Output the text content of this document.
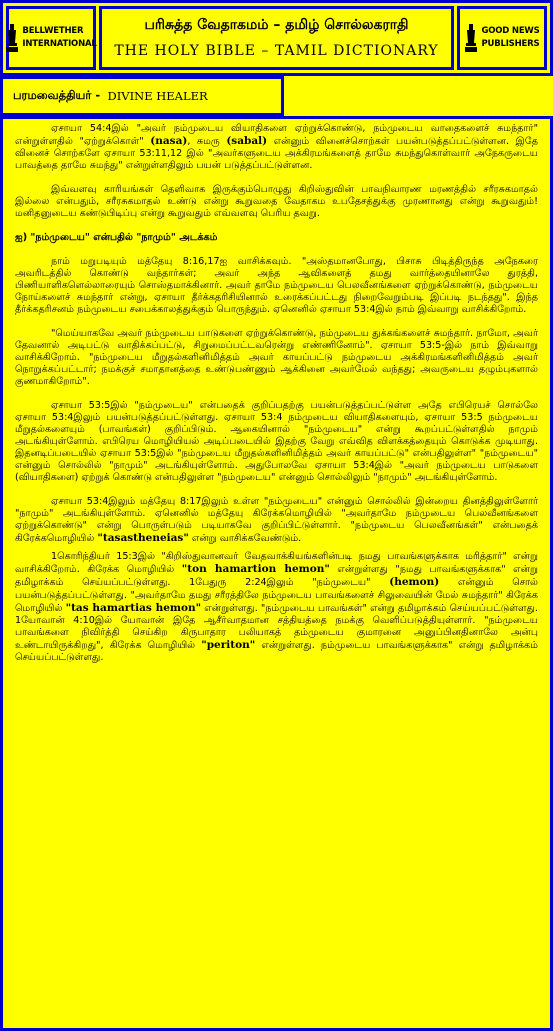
BELLWETHER
INTERNATIONAL
பரிசுத்த வேதாகமம் – தமிழ் சொல்லகராதி
THE HOLY BIBLE – TAMIL DICTIONARY
GOOD NEWS
PUBLISHERS
பரமவைத்தியர் -
DIVINE HEALER

ஏசாயா 54:4இல் "அவர் நம்முடைய வியாதிகளை ஏற்றுக்கொண்டு, நம்முடைய வாதைகளைச் சுமந்தார்" என்றுள்ளதில் "ஏற்றுக்கொள்" (nasa), சுமரு (sabal) என்னும் வினைச்சொற்கள் பயன்படுத்தப்பட்டுள்ளன. இதே வினைச் சொற்களே ஏசாயா 53:11,12 இல் "அவர்களுடைய அக்கிரமங்களைத் தாமே சுமந்துகொள்வார் அநேகருடைய பாவத்தை தாமே சுமந்து" என்றுள்ளதிலும் பயன் படுத்தப்பட்டுள்ளன.

இவ்வளவு காரியங்கள் தெளிவாக இருக்கும்பொழுது கிறிஸ்துவின் பாவநிவாரண மரணத்தில் சரீரசுகமாதல் இல்லை என்பதும், சரீரசுகமாதல் உண்டு என்று கூறுவதை வேதாகம உபதேசத்துக்கு முரணானது என்று கூறுவதும்! மனிதனுடைய கண்டுபிடிப்பு என்று கூறுவதும் எவ்வளவு பெரிய தவறு.

ஐ) "நம்முடைய" என்பதில் "நாமும்" அடக்கம்

நாம் மறுபடியும் மத்தேயு 8:16,17ஐ வாசிக்கவும். "அஸ்தமானபோது, பிசாசு பிடித்திருந்த அநேகரை அவரிடத்தில் கொண்டு வந்தார்கள்; அவர் அந்த ஆவிகளைத் தமது வார்த்தையினாலே துரத்தி, பிணியாளிகளெல்லாரையும் சொஸ்தமாக்கினார். அவர் தாமே நம்முடைய பெலவீனங்களை ஏற்றுக்கொண்டு, நம்முடைய நோய்களைச் சுமந்தார் என்று, ஏசாயா தீர்க்கதரிசியினால் உரைக்கப்பட்டது நிறைவேறும்படி இப்படி நடந்தது". இந்த தீர்க்கதரிசனம் நம்முடைய சபைக்காலத்துக்கும் பொருந்தும். ஏனெனில் ஏசாயா 53:4இல் நாம் இவ்வாறு வாசிக்கிறோம்.

"மெய்யாகவே அவர் நம்முடைய பாடுகளை ஏற்றுக்கொண்டு, நம்முடைய துக்கங்களைச் சுமந்தார். நாமோ, அவர் தேவனால் அடிபட்டு வாதிக்கப்பட்டு, சிறுமைப்பட்டவரென்று எண்ணினோம்". ஏசாயா 53:5-இல் நாம் இவ்வாறு வாசிக்கிறோம். "நம்முடைய மீறுதல்களினிமித்தம் அவர் காயப்பட்டு நம்முடைய அக்கிரமங்களினிமித்தம் அவர் நொறுக்கப்பட்டார்; நமக்குச் சமாதானத்தை உண்டுபண்ணும் ஆக்கினை அவர்மேல் வந்தது; அவருடைய தழும்புகளால் குணமாகிறோம்".

ஏசாயா 53:5இல் "நம்முடைய" என்பதைக் குறிப்பதற்கு பயன்படுத்தப்பட்டுள்ள அதே எபிரெயச் சொல்லே ஏசாயா 53:4இலும் பயன்படுத்தப்பட்டுள்ளது. ஏசாயா 53:4 நம்முடைய வியாதிகளையும், ஏசாயா 53:5 நம்முடைய மீறுதல்களையும் (பாவங்கள்) குறிப்பிடும். ஆகையினால் "நம்முடைய" என்று கூறப்பட்டுள்ளதில் நாமும் அடங்கியுள்ளோம். எபிரெய மொழியியல் அடிப்படையில் இதற்கு வேறு எவ்வித விளக்கத்தையும் கொடுக்க முடியாது. இதனடிப்படையில் ஏசாயா 53:5இல் "நம்முடைய மீறுதல்களினிமித்தம் அவர் காயப்பட்டு" என்பதிலுள்ள" "நம்முடைய" என்னும் சொல்லில் "நாமும்" அடங்கியுள்ளோம். அதுபோலவே ஏசாயா 53:4இல் "அவர் நம்முடைய பாடுகளை (வியாதிகளை) ஏற்றுக் கொண்டு என்பதிலுள்ள "நம்முடைய" என்னும் சொல்லிலும் "நாமும்" அடங்கியுள்ளோம்.

ஏசாயா 53:4இலும் மத்தேயு 8:17இலும் உள்ள "நம்முடைய" என்னும் சொல்லில் இன்றைய தினத்திலுள்ளோர் "நாமும்" அடங்கியுள்ளோம். ஏனெனில் மத்தேயு கிரேக்கமொழியில் "அவர்தாமே நம்முடைய பெலவீனங்களை ஏற்றுக்கொண்டு" என்று பொருள்படும் படியாகவே குறிப்பிட்டுள்ளார். "நம்முடைய பெலவீனங்கள்" என்பதைக் கிரேக்கமொழியில் "tasastheneias" என்று வாசிக்கவேண்டும்.

1கொரிந்தியர் 15:3இல் "கிறிஸ்துவானவர் வேதவாக்கியங்களின்படி நமது பாவங்களுக்காக மரித்தார்" என்று வாசிக்கிறோம். கிரேக்க மொழியில் "ton hamartion hemon" என்றுள்ளது "நமது பாவங்களுக்காக" என்று தமிழாக்கம் செய்யப்பட்டுள்ளது. 1பேதுரு 2:24இலும் "நம்முடைய" (hemon) என்னும் சொல் பயன்படுத்தப்பட்டுள்ளது. "அவர்தாமே தமது சரீரத்திலே நம்முடைய பாவங்களைச் சிலுவையின் மேல் சுமந்தார்" கிரேக்க மொழியில் "tas hamartias hemon" என்றுள்ளது. "நம்முடைய பாவங்கள்" என்று தமிழாக்கம் செய்யப்பட்டுள்ளது. 1யோவான் 4:10இல் யோவான் இதே ஆசீர்வாதமான சத்தியத்தை நமக்கு வெளிப்படுத்தியுள்ளார். "நம்முடைய பாவங்களை நிவிர்த்தி செய்கிற கிருபாதார பலியாகத் தம்முடைய குமாரனை அனுப்பினதினாலே அன்பு உண்டாயிருக்கிறது", கிரேக்க மொழியில் "periton" என்றுள்ளது. நம்முடைய பாவங்களுக்காக" என்று தமிழாக்கம் செய்யப்பட்டுள்ளது.
